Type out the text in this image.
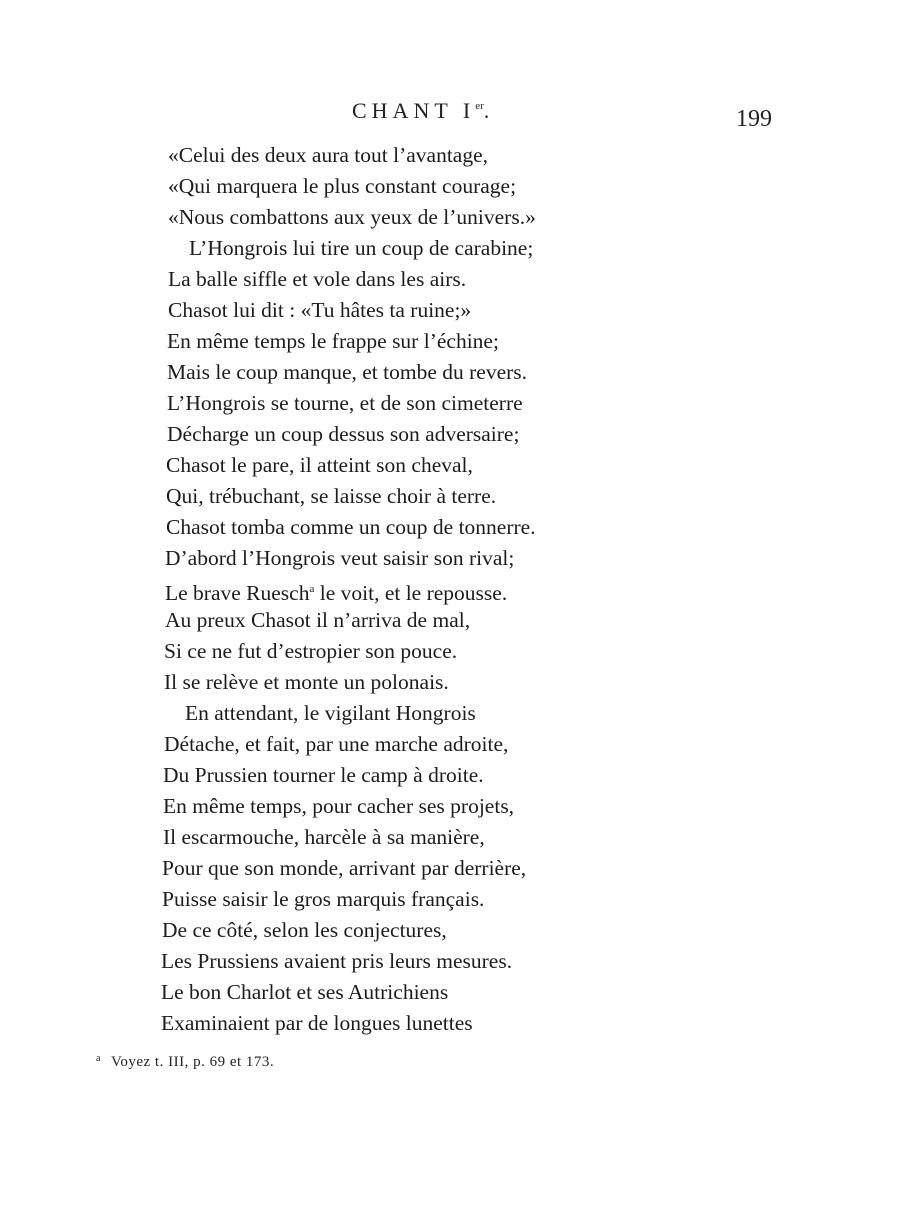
CHANT Ier.	199
«Celui des deux aura tout l’avantage,
«Qui marquera le plus constant courage;
«Nous combattons aux yeux de l’univers.»
L’Hongrois lui tire un coup de carabine;
La balle siffle et vole dans les airs.
Chasot lui dit : «Tu hâtes ta ruine;»
En même temps le frappe sur l’échine;
Mais le coup manque, et tombe du revers.
L’Hongrois se tourne, et de son cimeterre
Décharge un coup dessus son adversaire;
Chasot le pare, il atteint son cheval,
Qui, trébuchant, se laisse choir à terre.
Chasot tomba comme un coup de tonnerre.
D’abord l’Hongrois veut saisir son rival;
Le brave Ruesch$^a$ le voit, et le repousse.
Au preux Chasot il n’arriva de mal,
Si ce ne fut d’estropier son pouce.
Il se relève et monte un polonais.
En attendant, le vigilant Hongrois
Détache, et fait, par une marche adroite,
Du Prussien tourner le camp à droite.
En même temps, pour cacher ses projets,
Il escarmouche, harcèle à sa manière,
Pour que son monde, arrivant par derrière,
Puisse saisir le gros marquis français.
De ce côté, selon les conjectures,
Les Prussiens avaient pris leurs mesures.
Le bon Charlot et ses Autrichiens
Examinaient par de longues lunettes
$^a$ Voyez t. III, p. 69 et 173.
